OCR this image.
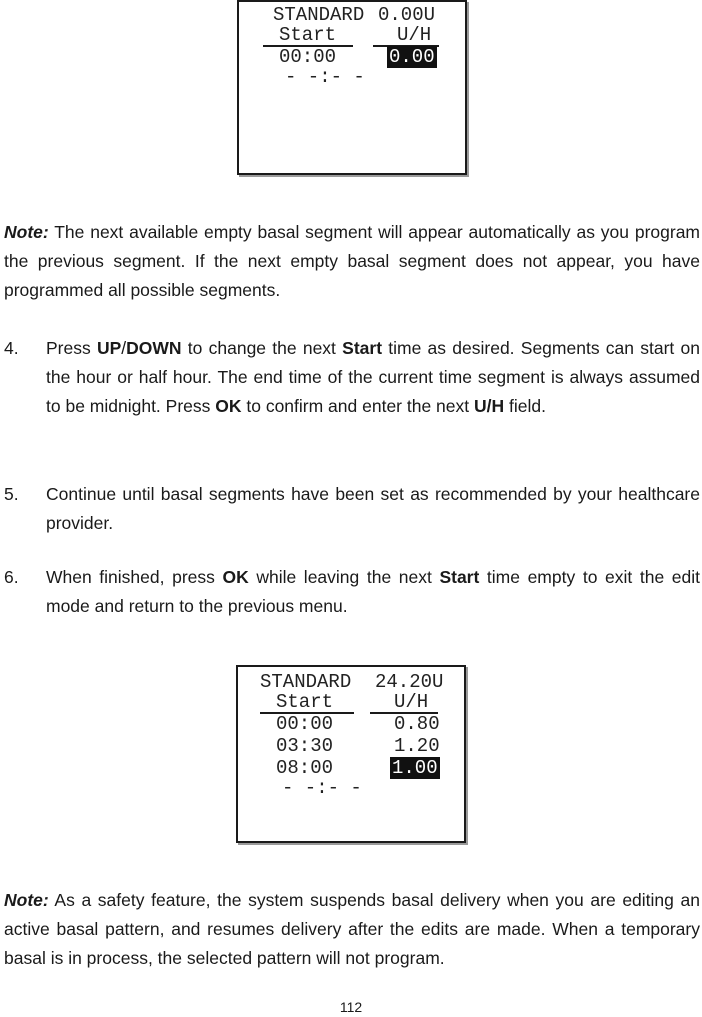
STANDARD 0.00U
Start	U/H
00:00	0.00
- -:- -
Note: The next available empty basal segment will appear automatically as you program the previous segment. If the next empty basal segment does not appear, you have programmed all possible segments.
4.	Press UP/DOWN to change the next Start time as desired. Segments can start on the hour or half hour. The end time of the current time segment is always assumed to be midnight. Press OK to confirm and enter the next U/H field.
5.	Continue until basal segments have been set as recommended by your healthcare provider.
6.	When finished, press OK while leaving the next Start time empty to exit the edit mode and return to the previous menu.
STANDARD 24.20U
Start	U/H
00:00	0.80
03:30	1.20
08:00	1.00
- -:- -
Note: As a safety feature, the system suspends basal delivery when you are editing an active basal pattern, and resumes delivery after the edits are made. When a temporary basal is in process, the selected pattern will not program.
112
